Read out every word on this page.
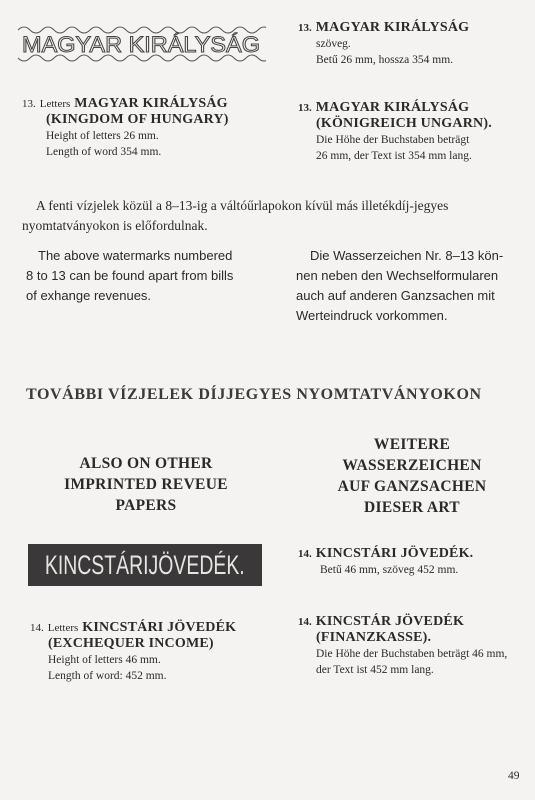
MAGYAR KIRÁLYSÁG
13. MAGYAR KIRÁLYSÁG
szöveg.
Betű 26 mm, hossza 354 mm.
13. Letters MAGYAR KIRÁLYSÁG
(KINGDOM OF HUNGARY)
Height of letters 26 mm.
Length of word 354 mm.
13. MAGYAR KIRÁLYSÁG
(KÖNIGREICH UNGARN).
Die Höhe der Buchstaben beträgt
26 mm, der Text ist 354 mm lang.
A fenti vízjelek közül a 8–13-ig a váltóűrlapokon kívül más illetékdíj-jegyes
nyomtatványokon is előfordulnak.
The above watermarks numbered
8 to 13 can be found apart from bills
of exhange revenues.
Die Wasserzeichen Nr. 8–13 kön-
nen neben den Wechselformularen
auch auf anderen Ganzsachen mit
Werteindruck vorkommen.
TOVÁBBI VÍZJELEK DÍJJEGYES NYOMTATVÁNYOKON
ALSO ON OTHER
IMPRINTED REVEUE
PAPERS
WEITERE
WASSERZEICHEN
AUF GANZSACHEN
DIESER ART
KINCSTÁRIJÖVEDÉK.	14. KINCSTÁRI JÖVEDÉK.
Betű 46 mm, szöveg 452 mm.
14. Letters KINCSTÁRI JÖVEDÉK
(EXCHEQUER INCOME)
Height of letters 46 mm.
Length of word: 452 mm.
14. KINCSTÁR JÖVEDÉK
(FINANZKASSE).
Die Höhe der Buchstaben beträgt 46 mm,
der Text ist 452 mm lang.
49
